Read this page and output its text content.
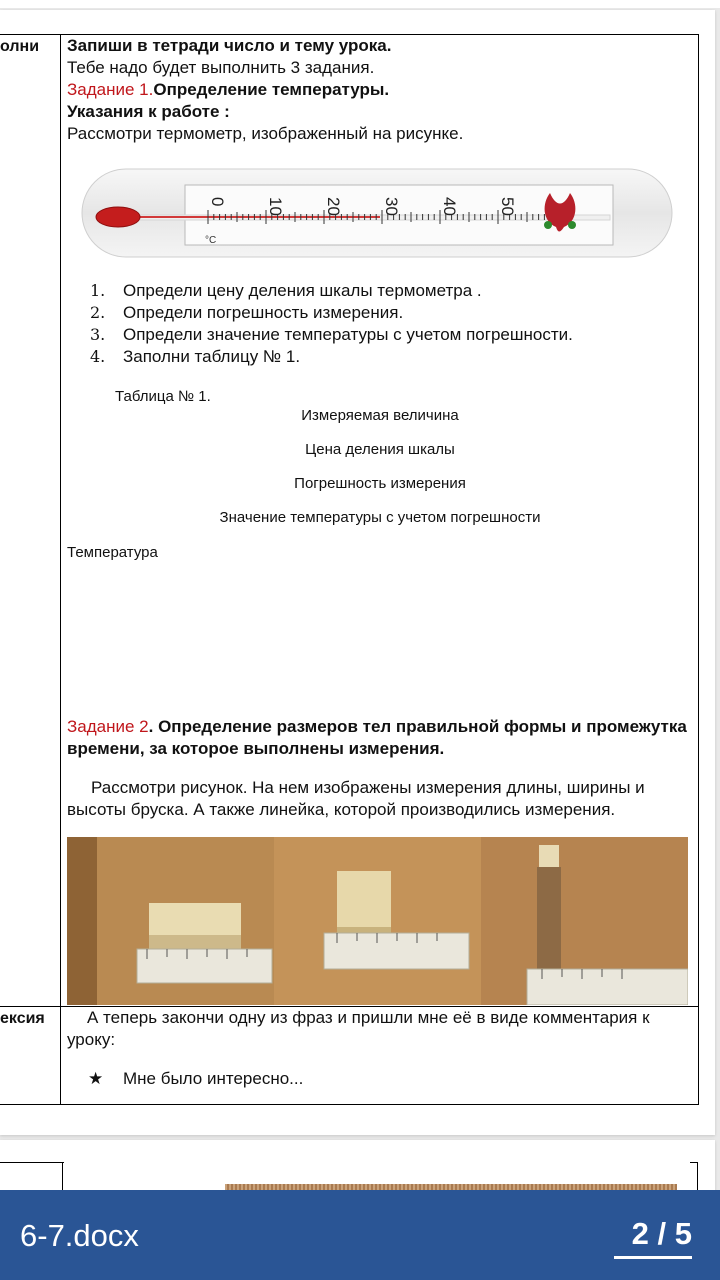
олни
ексия
Запиши в тетради число и тему урока.
Тебе надо будет выполнить 3 задания.
Задание 1.Определение температуры.
Указания к работе :
Рассмотри термометр, изображенный на рисунке.
0 10 20 30 40 50
°C
1. Определи цену деления шкалы термометра .
2. Определи погрешность измерения.
3. Определи значение температуры с учетом погрешности.
4. Заполни таблицу № 1.
Таблица № 1.
Измеряемая величина
Цена деления шкалы
Погрешность измерения
Значение температуры с учетом погрешности
Температура
Задание 2. Определение размеров тел правильной формы и промежутка времени, за которое выполнены измерения.
Рассмотри рисунок. На нем изображены измерения длины, ширины и высоты бруска. А также линейка, которой производились измерения.
А теперь закончи одну из фраз и пришли мне её в виде комментария к уроку:
★ Мне было интересно...
6-7.docx	2 / 5
